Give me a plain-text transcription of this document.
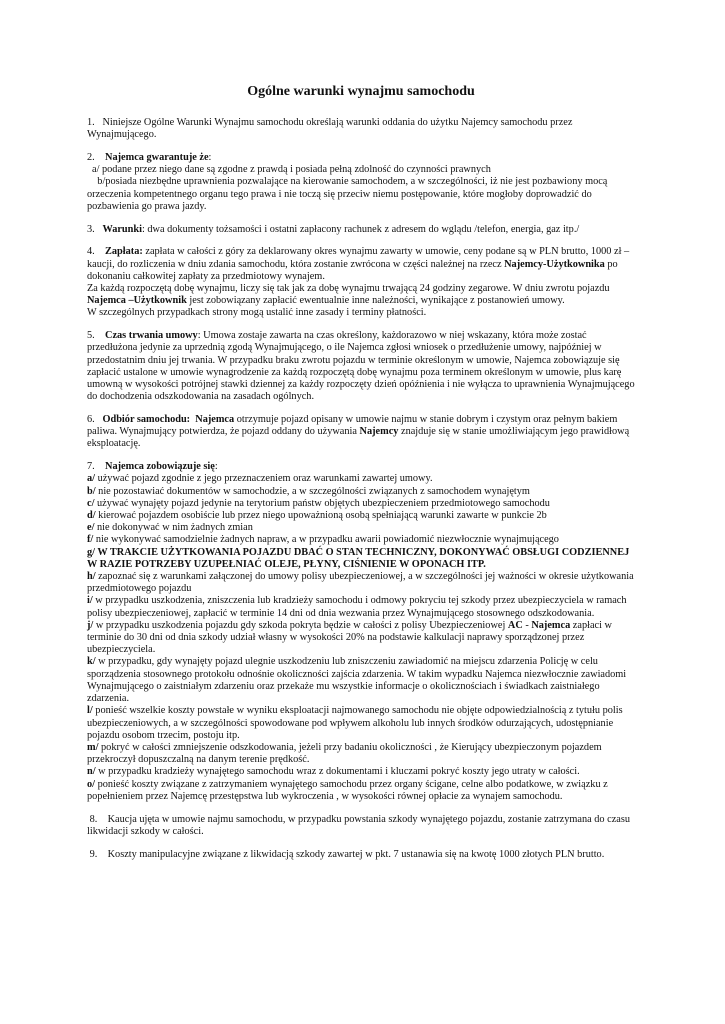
Ogólne warunki wynajmu samochodu

1. Niniejsze Ogólne Warunki Wynajmu samochodu określają warunki oddania do użytku Najemcy samochodu przez Wynajmującego.

2. Najemca gwarantuje że:
a/ podane przez niego dane są zgodne z prawdą i posiada pełną zdolność do czynności prawnych
b/posiada niezbędne uprawnienia pozwalające na kierowanie samochodem, a w szczególności, iż nie jest pozbawiony mocą orzeczenia kompetentnego organu tego prawa i nie toczą się przeciw niemu postępowanie, które mogłoby doprowadzić do pozbawienia go prawa jazdy.

3. Warunki: dwa dokumenty tożsamości i ostatni zapłacony rachunek z adresem do wglądu /telefon, energia, gaz itp./

4. Zapłata: zapłata w całości z góry za deklarowany okres wynajmu zawarty w umowie, ceny podane są w PLN brutto, 1000 zł – kaucji, do rozliczenia w dniu zdania samochodu, która zostanie zwrócona w części należnej na rzecz Najemcy-Użytkownika po dokonaniu całkowitej zapłaty za przedmiotowy wynajem.
Za każdą rozpoczętą dobę wynajmu, liczy się tak jak za dobę wynajmu trwającą 24 godziny zegarowe. W dniu zwrotu pojazdu Najemca –Użytkownik jest zobowiązany zapłacić ewentualnie inne należności, wynikające z postanowień umowy.
W szczególnych przypadkach strony mogą ustalić inne zasady i terminy płatności.

5. Czas trwania umowy: Umowa zostaje zawarta na czas określony, każdorazowo w niej wskazany, która może zostać przedłużona jedynie za uprzednią zgodą Wynajmującego, o ile Najemca zgłosi wniosek o przedłużenie umowy, najpóźniej w przedostatnim dniu jej trwania. W przypadku braku zwrotu pojazdu w terminie określonym w umowie, Najemca zobowiązuje się zapłacić ustalone w umowie wynagrodzenie za każdą rozpoczętą dobę wynajmu poza terminem określonym w umowie, plus karę umowną w wysokości potrójnej stawki dziennej za każdy rozpoczęty dzień opóźnienia i nie wyłącza to uprawnienia Wynajmującego do dochodzenia odszkodowania na zasadach ogólnych.

6. Odbiór samochodu: Najemca otrzymuje pojazd opisany w umowie najmu w stanie dobrym i czystym oraz pełnym bakiem paliwa. Wynajmujący potwierdza, że pojazd oddany do używania Najemcy znajduje się w stanie umożliwiającym jego prawidłową eksploatację.

7. Najemca zobowiązuje się:
a/ używać pojazd zgodnie z jego przeznaczeniem oraz warunkami zawartej umowy.
b/ nie pozostawiać dokumentów w samochodzie, a w szczególności związanych z samochodem wynajętym
c/ używać wynajęty pojazd jedynie na terytorium państw objętych ubezpieczeniem przedmiotowego samochodu
d/ kierować pojazdem osobiście lub przez niego upoważnioną osobą spełniającą warunki zawarte w punkcie 2b
e/ nie dokonywać w nim żadnych zmian
f/ nie wykonywać samodzielnie żadnych napraw, a w przypadku awarii powiadomić niezwłocznie wynajmującego
g/ W TRAKCIE UŻYTKOWANIA POJAZDU DBAĆ O STAN TECHNICZNY, DOKONYWAĆ OBSŁUGI CODZIENNEJ W RAZIE POTRZEBY UZUPEŁNIAĆ OLEJE, PŁYNY, CIŚNIENIE W OPONACH ITP.
h/ zapoznać się z warunkami załączonej do umowy polisy ubezpieczeniowej, a w szczególności jej ważności w okresie użytkowania przedmiotowego pojazdu
i/ w przypadku uszkodzenia, zniszczenia lub kradzieży samochodu i odmowy pokryciu tej szkody przez ubezpieczyciela w ramach polisy ubezpieczeniowej, zapłacić w terminie 14 dni od dnia wezwania przez Wynajmującego stosownego odszkodowania.
j/ w przypadku uszkodzenia pojazdu gdy szkoda pokryta będzie w całości z polisy Ubezpieczeniowej AC - Najemca zapłaci w terminie do 30 dni od dnia szkody udział własny w wysokości 20% na podstawie kalkulacji naprawy sporządzonej przez ubezpieczyciela.
k/ w przypadku, gdy wynajęty pojazd ulegnie uszkodzeniu lub zniszczeniu zawiadomić na miejscu zdarzenia Policję w celu sporządzenia stosownego protokołu odnośnie okoliczności zajścia zdarzenia. W takim wypadku Najemca niezwłocznie zawiadomi Wynajmującego o zaistniałym zdarzeniu oraz przekaże mu wszystkie informacje o okolicznościach i świadkach zaistniałego zdarzenia.
l/ ponieść wszelkie koszty powstałe w wyniku eksploatacji najmowanego samochodu nie objęte odpowiedzialnością z tytułu polis ubezpieczeniowych, a w szczególności spowodowane pod wpływem alkoholu lub innych środków odurzających, udostępnianie pojazdu osobom trzecim, postoju itp.
m/ pokryć w całości zmniejszenie odszkodowania, jeżeli przy badaniu okoliczności , że Kierujący ubezpieczonym pojazdem przekroczył dopuszczalną na danym terenie prędkość.
n/ w przypadku kradzieży wynajętego samochodu wraz z dokumentami i kluczami pokryć koszty jego utraty w całości.
o/ ponieść koszty związane z zatrzymaniem wynajętego samochodu przez organy ścigane, celne albo podatkowe, w związku z popełnieniem przez Najemcę przestępstwa lub wykroczenia , w wysokości równej opłacie za wynajem samochodu.

8. Kaucja ujęta w umowie najmu samochodu, w przypadku powstania szkody wynajętego pojazdu, zostanie zatrzymana do czasu likwidacji szkody w całości.

9. Koszty manipulacyjne związane z likwidacją szkody zawartej w pkt. 7 ustanawia się na kwotę 1000 złotych PLN brutto.
